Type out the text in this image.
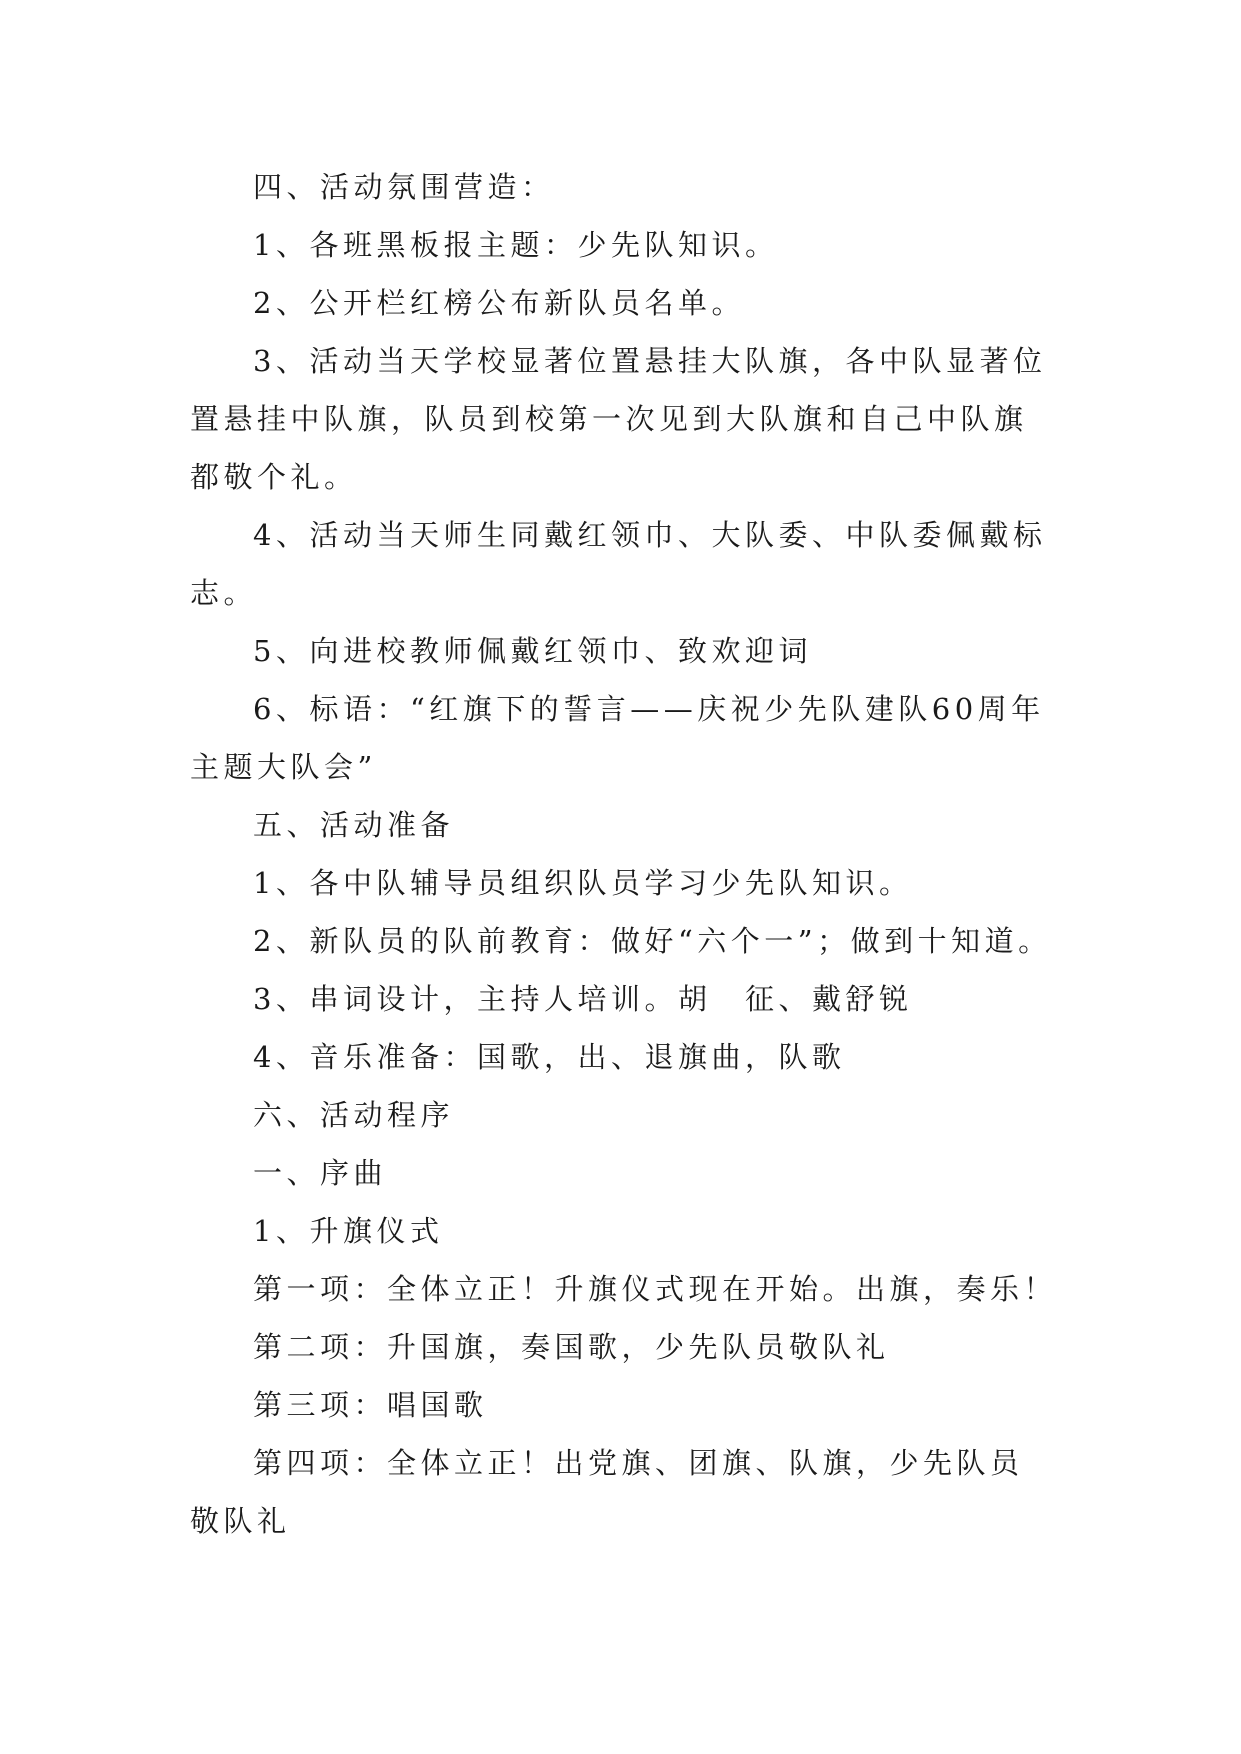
四、活动氛围营造：

1、各班黑板报主题：少先队知识。

2、公开栏红榜公布新队员名单。

3、活动当天学校显著位置悬挂大队旗，各中队显著位置悬挂中队旗，队员到校第一次见到大队旗和自己中队旗都敬个礼。

4、活动当天师生同戴红领巾、大队委、中队委佩戴标志。

5、向进校教师佩戴红领巾、致欢迎词

6、标语：“红旗下的誓言——庆祝少先队建队60周年主题大队会”

五、活动准备

1、各中队辅导员组织队员学习少先队知识。

2、新队员的队前教育：做好“六个一”；做到十知道。

3、串词设计，主持人培训。胡　征、戴舒锐

4、音乐准备：国歌，出、退旗曲，队歌

六、活动程序

一、序曲

1、升旗仪式

第一项：全体立正！升旗仪式现在开始。出旗，奏乐！

第二项：升国旗，奏国歌，少先队员敬队礼

第三项：唱国歌

第四项：全体立正！出党旗、团旗、队旗，少先队员敬队礼
